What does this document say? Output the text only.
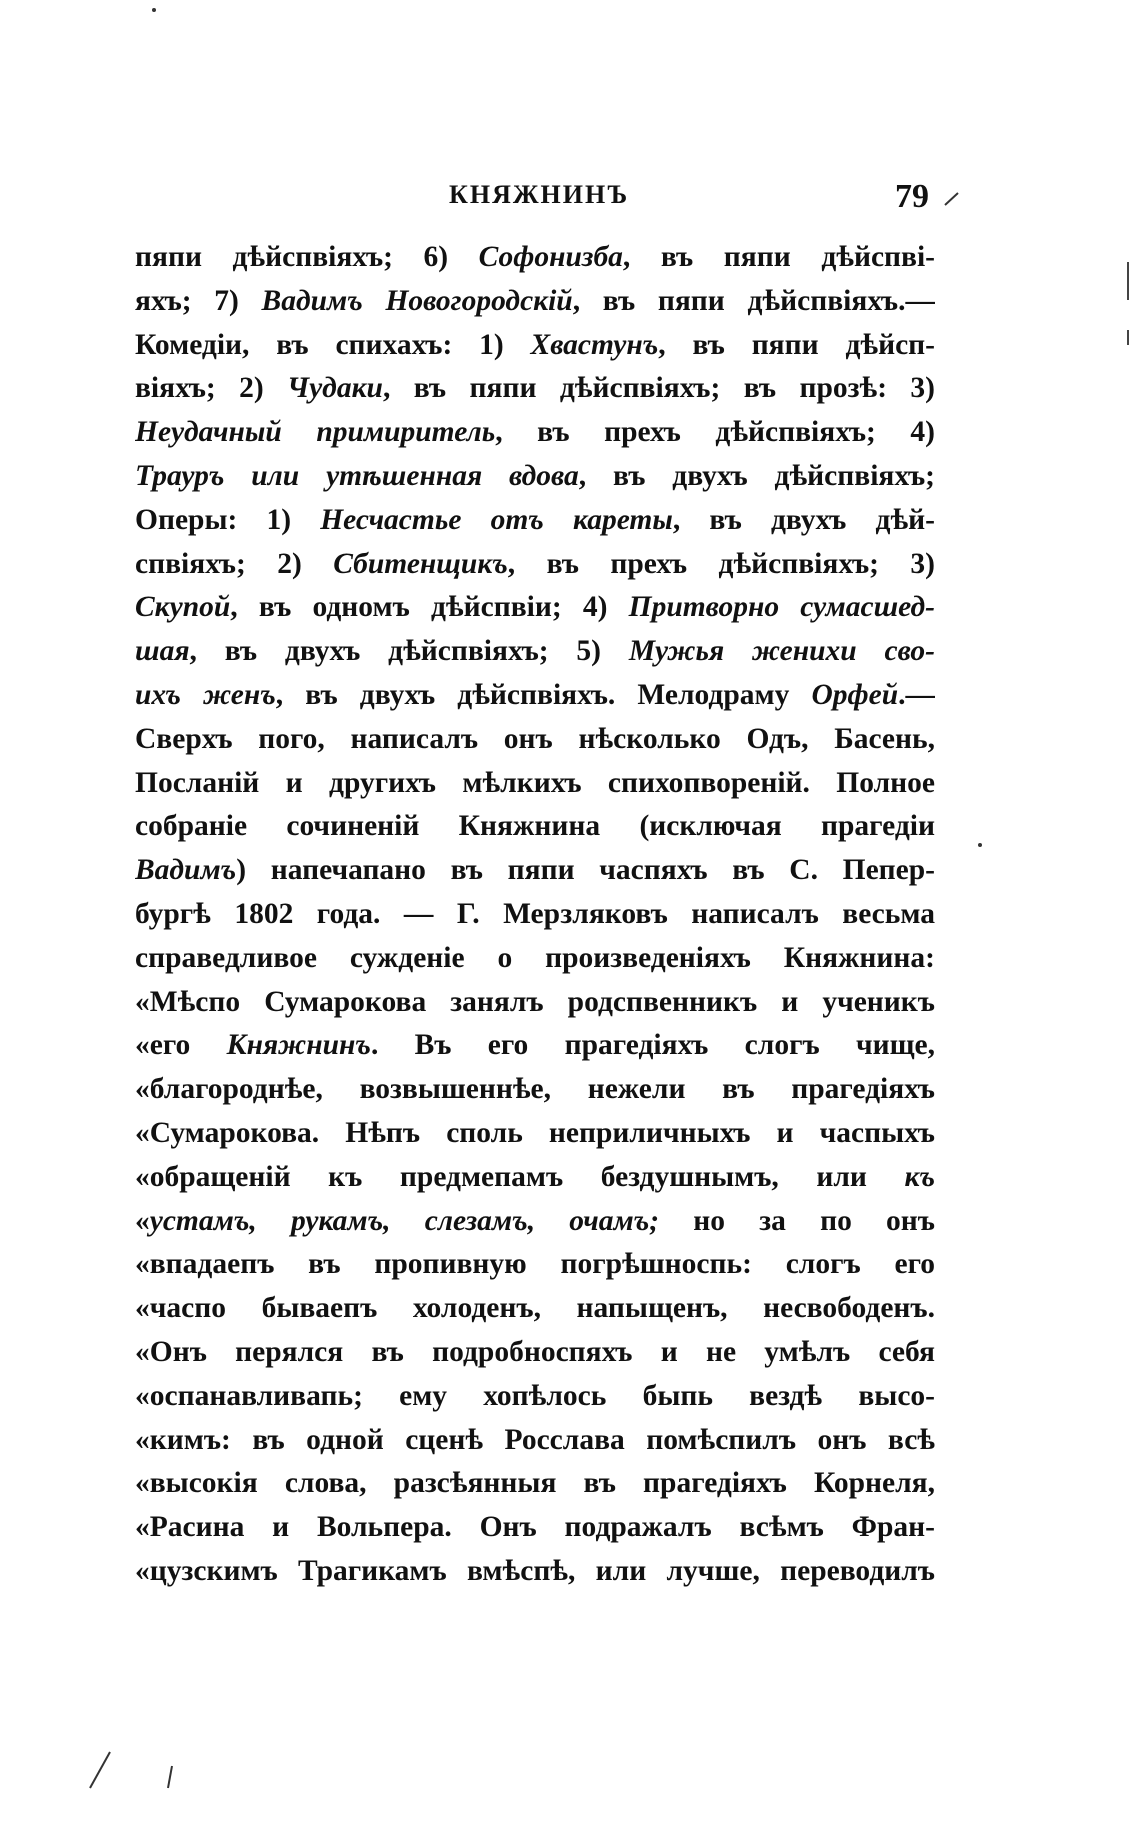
КНЯЖНИНЪ	79
пяпи дѣйспвіяхъ; 6) Софонизба, въ пяпи дѣйспві-
яхъ; 7) Вадимъ Новогородскій, въ пяпи дѣйспвіяхъ.—
Комедіи, въ спихахъ: 1) Хвастунъ, въ пяпи дѣйсп-
віяхъ; 2) Чудаки, въ пяпи дѣйспвіяхъ; въ прозѣ: 3)
Неудачный примиритель, въ прехъ дѣйспвіяхъ; 4)
Трауръ или утѣшенная вдова, въ двухъ дѣйспвіяхъ;
Оперы: 1) Несчастье отъ кареты, въ двухъ дѣй-
спвіяхъ; 2) Сбитенщикъ, въ прехъ дѣйспвіяхъ; 3)
Скупой, въ одномъ дѣйспвіи; 4) Притворно сумасшед-
шая, въ двухъ дѣйспвіяхъ; 5) Мужья женихи сво-
ихъ женъ, въ двухъ дѣйспвіяхъ. Мелодраму Орфей.—
Сверхъ пого, написалъ онъ нѣсколько Одъ, Басень,
Посланій и другихъ мѣлкихъ спихопвореній. Полное
собраніе сочиненій Княжнина (исключая прагедіи
Вадимъ) напечапано въ пяпи часпяхъ въ С. Пепер-
бургѣ 1802 года. — Г. Мерзляковъ написалъ весьма
справедливое сужденіе о произведеніяхъ Княжнина:
«Мѣспо Сумарокова занялъ родспвенникъ и ученикъ
«его Княжнинъ. Въ его прагедіяхъ слогъ чище,
«благороднѣе, возвышеннѣе, нежели въ прагедіяхъ
«Сумарокова. Нѣпъ споль неприличныхъ и часпыхъ
«обращеній къ предмепамъ бездушнымъ, или къ
«устамъ, рукамъ, слезамъ, очамъ; но за по онъ
«впадаепъ въ пропивную погрѣшноспь: слогъ его
«часпо бываепъ холоденъ, напыщенъ, несвободенъ.
«Онъ перялся въ подробноспяхъ и не умѣлъ себя
«оспанавливапь; ему хопѣлось быпь вездѣ высо-
«кимъ: въ одной сценѣ Росслава помѣспилъ онъ всѣ
«высокія слова, разсѣянныя въ прагедіяхъ Корнеля,
«Расина и Вольпера. Онъ подражалъ всѣмъ Фран-
«цузскимъ Трагикамъ вмѣспѣ, или лучше, переводилъ
